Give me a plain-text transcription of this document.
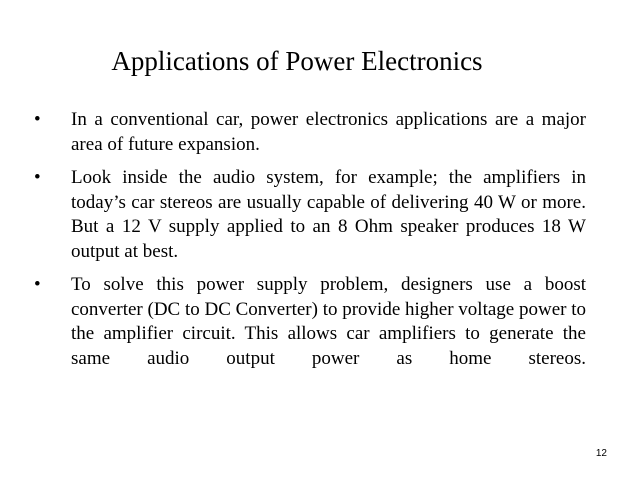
Applications of Power Electronics
• In a conventional car, power electronics applications are a major area of future expansion.
• Look inside the audio system, for example; the amplifiers in today’s car stereos are usually capable of delivering 40 W or more. But a 12 V supply applied to an 8 Ohm speaker produces 18 W output at best.
• To solve this power supply problem, designers use a boost converter (DC to DC Converter) to provide higher voltage power to the amplifier circuit. This allows car amplifiers to generate the same audio output power as home stereos.
12
